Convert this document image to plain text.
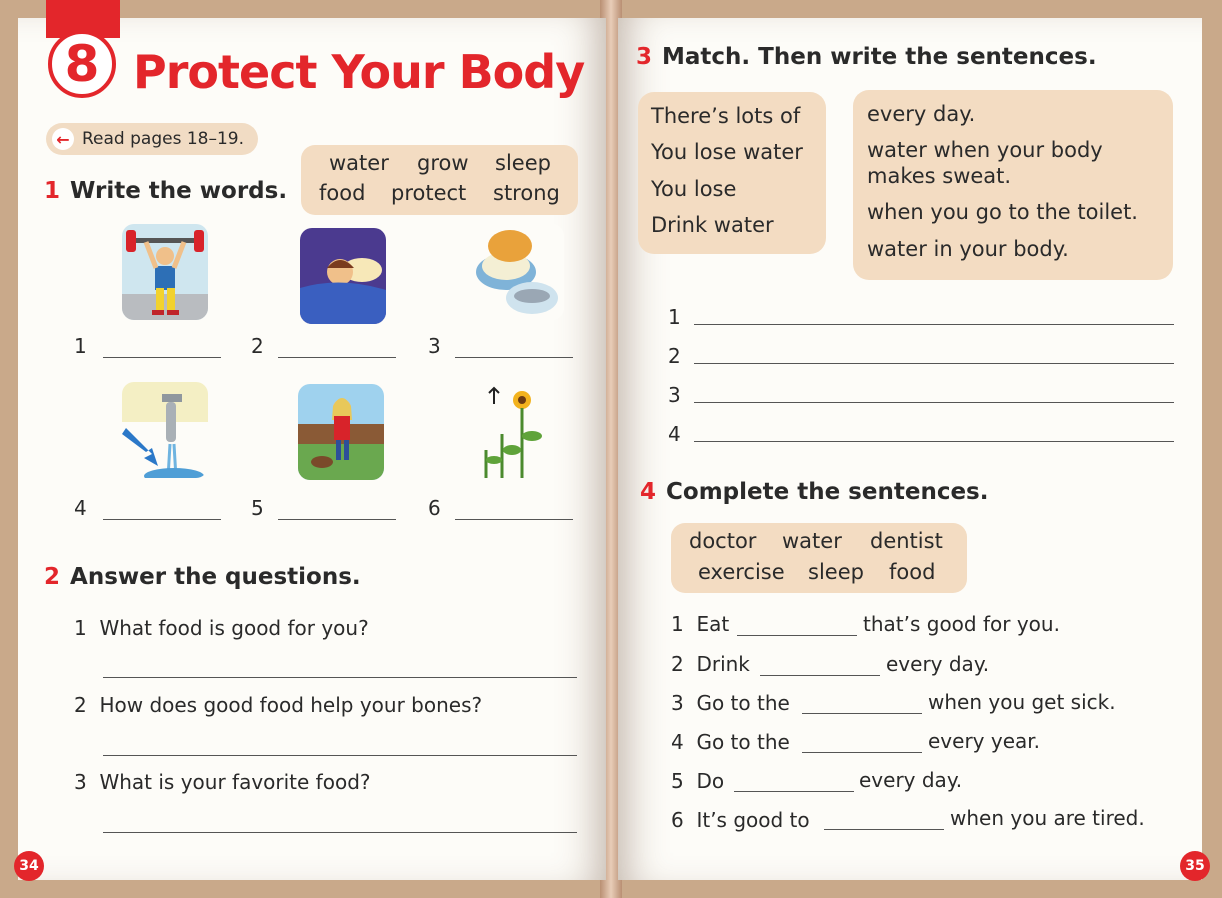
8 Protect Your Body
← Read pages 18–19.
1 Write the words.
water grow sleep
food protect strong
1	2	3
4	5	6
2 Answer the questions.
1 What food is good for you?
2 How does good food help your bones?
3 What is your favorite food?
34
3 Match. Then write the sentences.
There’s lots of
You lose water
You lose
Drink water
every day.
water when your body
makes sweat.
when you go to the toilet.
water in your body.
1
2
3
4
4 Complete the sentences.
doctor water dentist
exercise sleep food
1 Eat	that’s good for you.
2 Drink	every day.
3 Go to the	when you get sick.
4 Go to the	every year.
5 Do	every day.
6 It’s good to	when you are tired.
35
